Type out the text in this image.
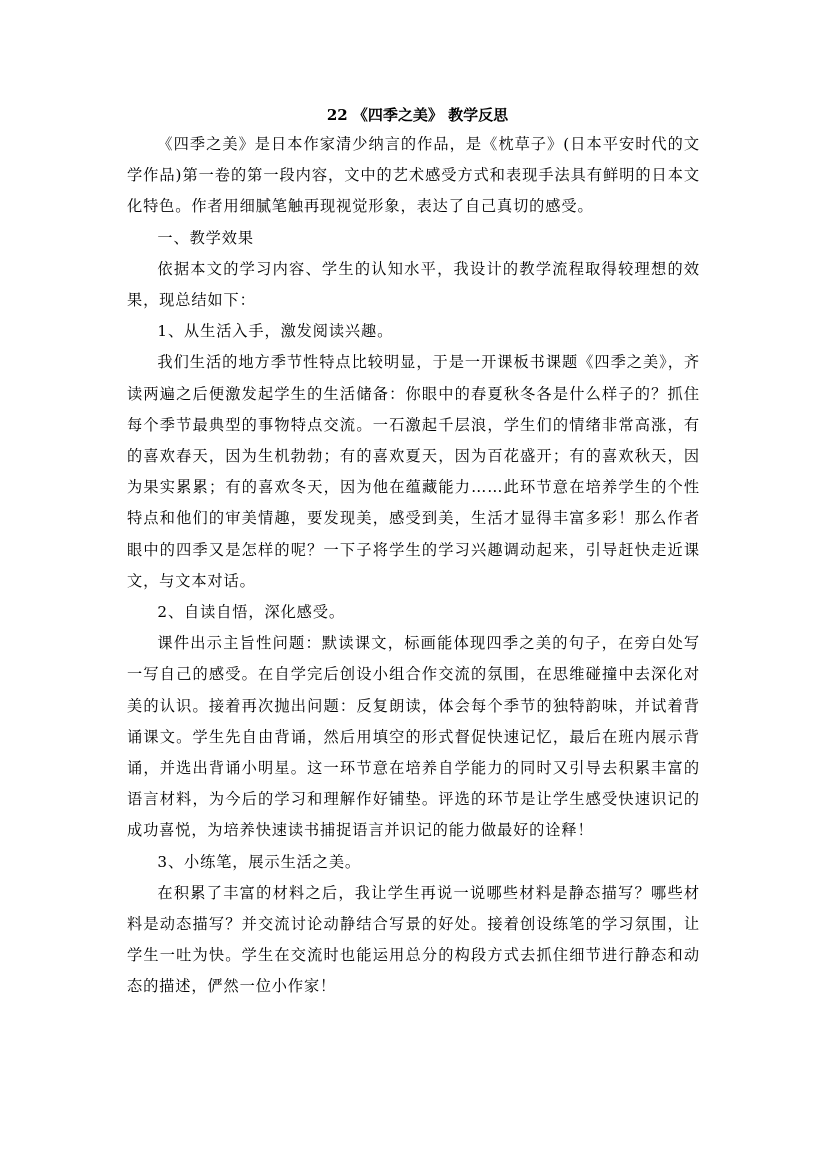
22 《四季之美》 教学反思

《四季之美》是日本作家清少纳言的作品，是《枕草子》(日本平安时代的文学作品)第一卷的第一段内容，文中的艺术感受方式和表现手法具有鲜明的日本文化特色。作者用细腻笔触再现视觉形象，表达了自己真切的感受。

一、教学效果

依据本文的学习内容、学生的认知水平，我设计的教学流程取得较理想的效果，现总结如下：

1、从生活入手，激发阅读兴趣。

我们生活的地方季节性特点比较明显，于是一开课板书课题《四季之美》，齐读两遍之后便激发起学生的生活储备：你眼中的春夏秋冬各是什么样子的？抓住每个季节最典型的事物特点交流。一石激起千层浪，学生们的情绪非常高涨，有的喜欢春天，因为生机勃勃；有的喜欢夏天，因为百花盛开；有的喜欢秋天，因为果实累累；有的喜欢冬天，因为他在蕴藏能力……此环节意在培养学生的个性特点和他们的审美情趣，要发现美，感受到美，生活才显得丰富多彩！那么作者眼中的四季又是怎样的呢？一下子将学生的学习兴趣调动起来，引导赶快走近课文，与文本对话。

2、自读自悟，深化感受。

课件出示主旨性问题：默读课文，标画能体现四季之美的句子，在旁白处写一写自己的感受。在自学完后创设小组合作交流的氛围，在思维碰撞中去深化对美的认识。接着再次抛出问题：反复朗读，体会每个季节的独特韵味，并试着背诵课文。学生先自由背诵，然后用填空的形式督促快速记忆，最后在班内展示背诵，并选出背诵小明星。这一环节意在培养自学能力的同时又引导去积累丰富的语言材料，为今后的学习和理解作好铺垫。评选的环节是让学生感受快速识记的成功喜悦，为培养快速读书捕捉语言并识记的能力做最好的诠释！

3、小练笔，展示生活之美。

在积累了丰富的材料之后，我让学生再说一说哪些材料是静态描写？哪些材料是动态描写？并交流讨论动静结合写景的好处。接着创设练笔的学习氛围，让学生一吐为快。学生在交流时也能运用总分的构段方式去抓住细节进行静态和动态的描述，俨然一位小作家！
